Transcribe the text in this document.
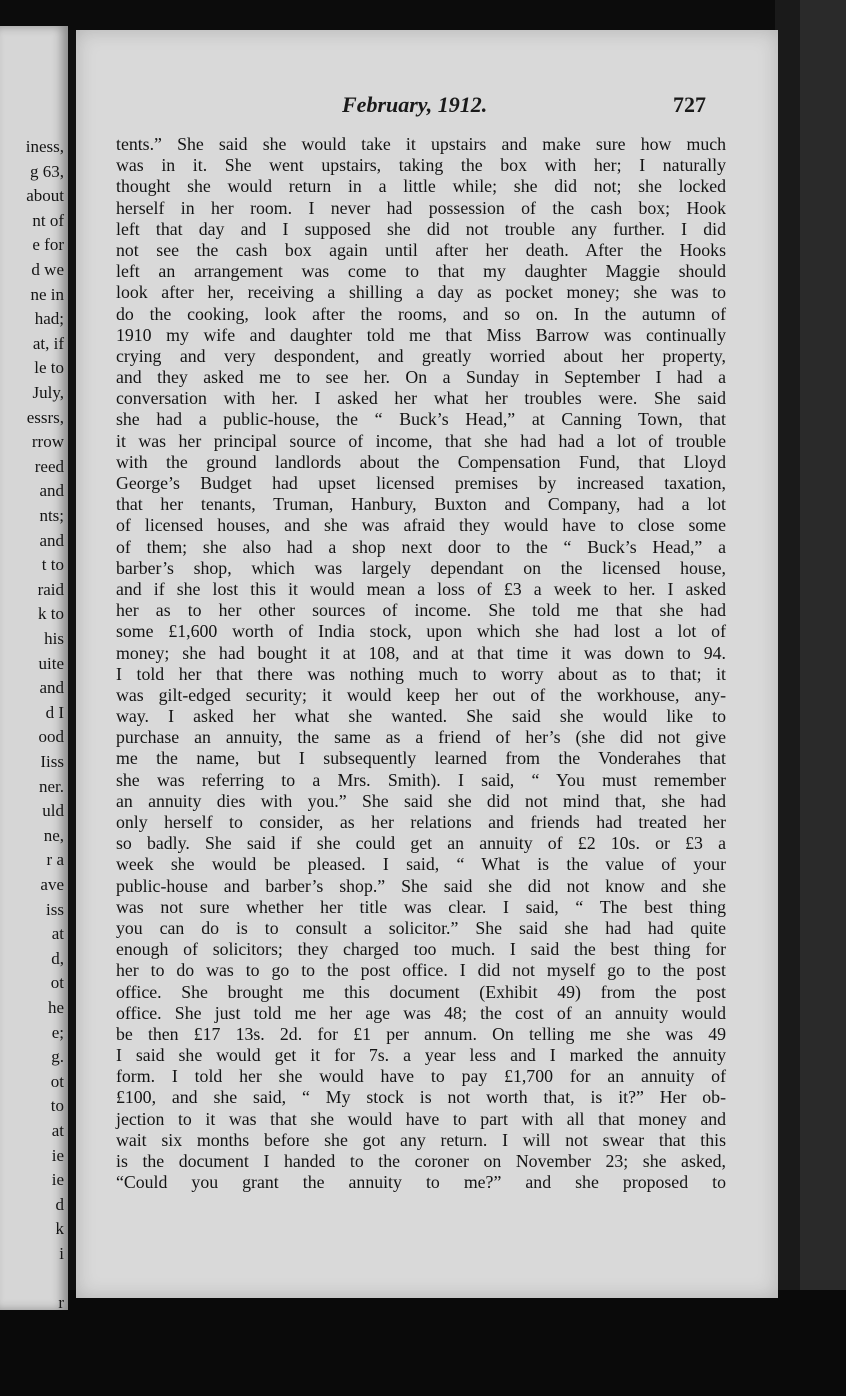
iness,
g 63,
about
nt of
e for
d we
ne in
had;
at, if
le to
July,
essrs,
rrow
reed
and
nts;
and
t to
raid
k to
his
uite
and
d I
ood
Iiss
ner.
uld
ne,
r a
ave
iss
at
d,
ot
he
e;
g.
ot
to
at
ie
ie
d
k
i
r
February, 1912.	727
tents.” She said she would take it upstairs and make sure how much
was in it. She went upstairs, taking the box with her; I naturally
thought she would return in a little while; she did not; she locked
herself in her room. I never had possession of the cash box; Hook
left that day and I supposed she did not trouble any further. I did
not see the cash box again until after her death. After the Hooks
left an arrangement was come to that my daughter Maggie should
look after her, receiving a shilling a day as pocket money; she was to
do the cooking, look after the rooms, and so on. In the autumn of
1910 my wife and daughter told me that Miss Barrow was continually
crying and very despondent, and greatly worried about her property,
and they asked me to see her. On a Sunday in September I had a
conversation with her. I asked her what her troubles were. She said
she had a public-house, the “ Buck’s Head,” at Canning Town, that
it was her principal source of income, that she had had a lot of trouble
with the ground landlords about the Compensation Fund, that Lloyd
George’s Budget had upset licensed premises by increased taxation,
that her tenants, Truman, Hanbury, Buxton and Company, had a lot
of licensed houses, and she was afraid they would have to close some
of them; she also had a shop next door to the “ Buck’s Head,” a
barber’s shop, which was largely dependant on the licensed house,
and if she lost this it would mean a loss of £3 a week to her. I asked
her as to her other sources of income. She told me that she had
some £1,600 worth of India stock, upon which she had lost a lot of
money; she had bought it at 108, and at that time it was down to 94.
I told her that there was nothing much to worry about as to that; it
was gilt-edged security; it would keep her out of the workhouse, any-
way. I asked her what she wanted. She said she would like to
purchase an annuity, the same as a friend of her’s (she did not give
me the name, but I subsequently learned from the Vonderahes that
she was referring to a Mrs. Smith). I said, “ You must remember
an annuity dies with you.” She said she did not mind that, she had
only herself to consider, as her relations and friends had treated her
so badly. She said if she could get an annuity of £2 10s. or £3 a
week she would be pleased. I said, “ What is the value of your
public-house and barber’s shop.” She said she did not know and she
was not sure whether her title was clear. I said, “ The best thing
you can do is to consult a solicitor.” She said she had had quite
enough of solicitors; they charged too much. I said the best thing for
her to do was to go to the post office. I did not myself go to the post
office. She brought me this document (Exhibit 49) from the post
office. She just told me her age was 48; the cost of an annuity would
be then £17 13s. 2d. for £1 per annum. On telling me she was 49
I said she would get it for 7s. a year less and I marked the annuity
form. I told her she would have to pay £1,700 for an annuity of
£100, and she said, “ My stock is not worth that, is it?” Her ob-
jection to it was that she would have to part with all that money and
wait six months before she got any return. I will not swear that this
is the document I handed to the coroner on November 23; she asked,
“Could you grant the annuity to me?” and she proposed to
